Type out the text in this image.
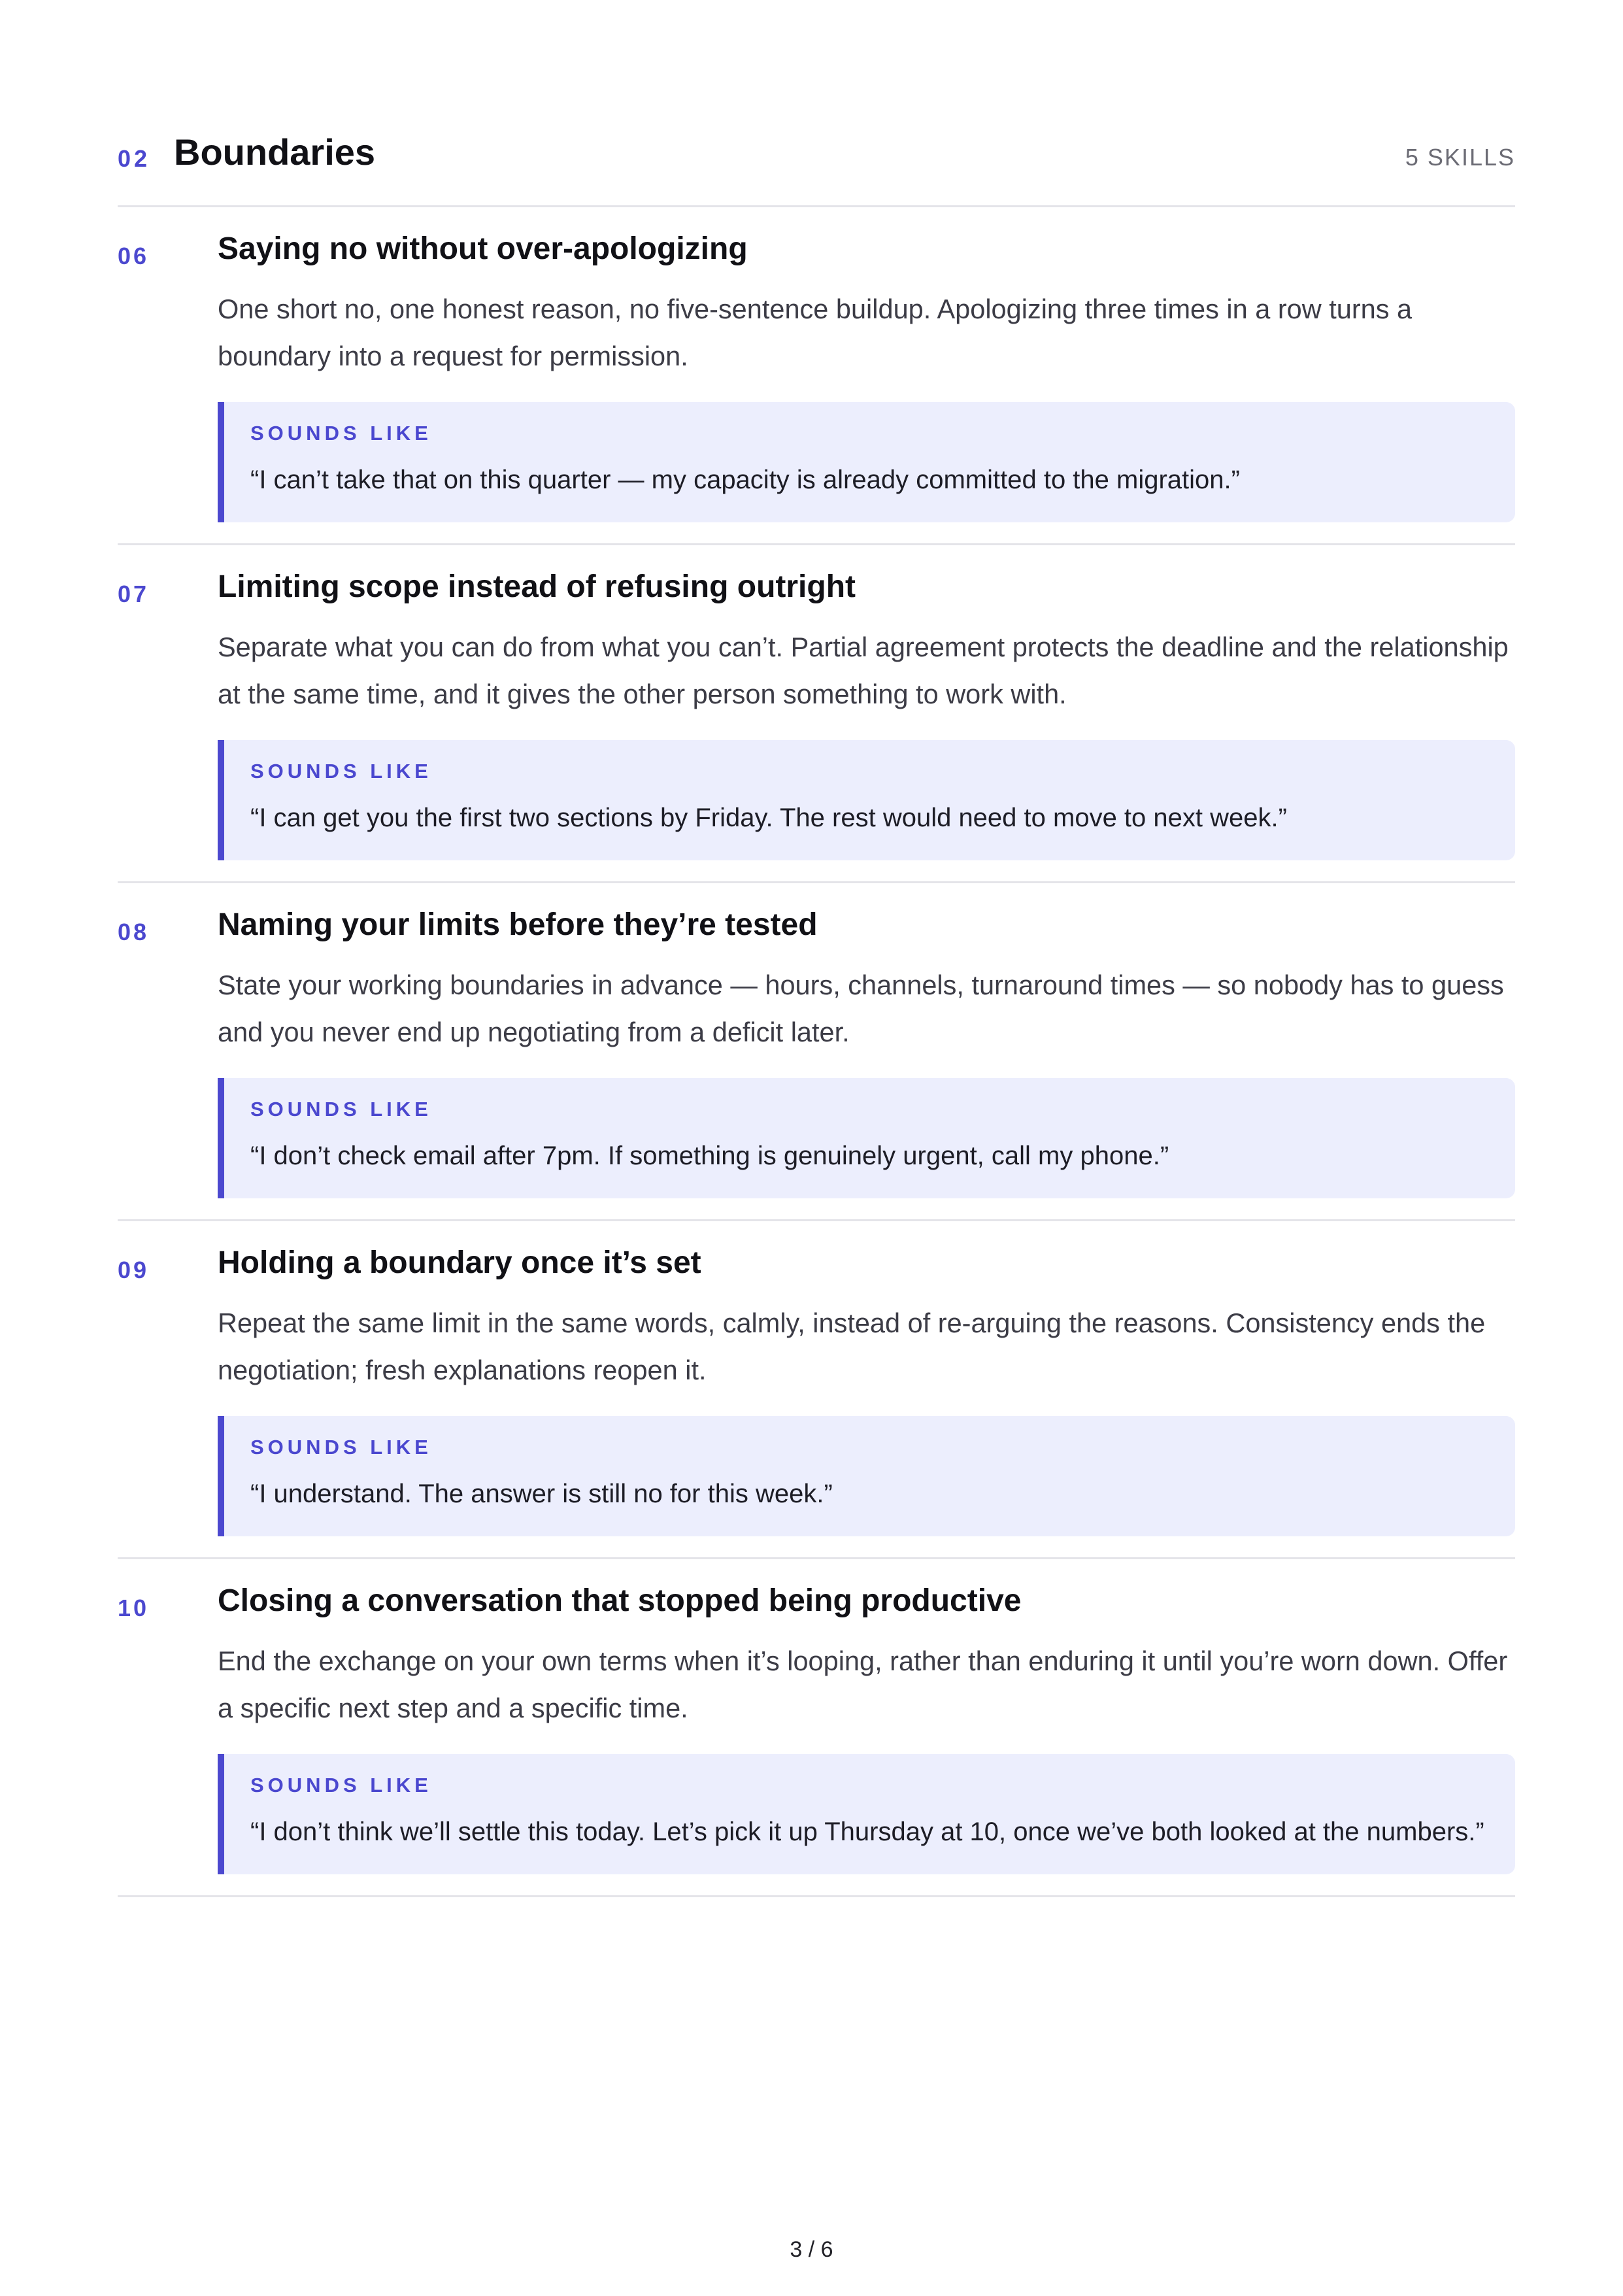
02 Boundaries	5 SKILLS
06 Saying no without over-apologizing

One short no, one honest reason, no five-sentence buildup. Apologizing three times in a row turns a boundary into a request for permission.

SOUNDS LIKE
“I can’t take that on this quarter — my capacity is already committed to the migration.”
07 Limiting scope instead of refusing outright

Separate what you can do from what you can’t. Partial agreement protects the deadline and the relationship at the same time, and it gives the other person something to work with.

SOUNDS LIKE
“I can get you the first two sections by Friday. The rest would need to move to next week.”
08 Naming your limits before they’re tested

State your working boundaries in advance — hours, channels, turnaround times — so nobody has to guess and you never end up negotiating from a deficit later.

SOUNDS LIKE
“I don’t check email after 7pm. If something is genuinely urgent, call my phone.”
09 Holding a boundary once it’s set

Repeat the same limit in the same words, calmly, instead of re-arguing the reasons. Consistency ends the negotiation; fresh explanations reopen it.

SOUNDS LIKE
“I understand. The answer is still no for this week.”
10 Closing a conversation that stopped being productive

End the exchange on your own terms when it’s looping, rather than enduring it until you’re worn down. Offer a specific next step and a specific time.

SOUNDS LIKE
“I don’t think we’ll settle this today. Let’s pick it up Thursday at 10, once we’ve both looked at the numbers.”
3 / 6
